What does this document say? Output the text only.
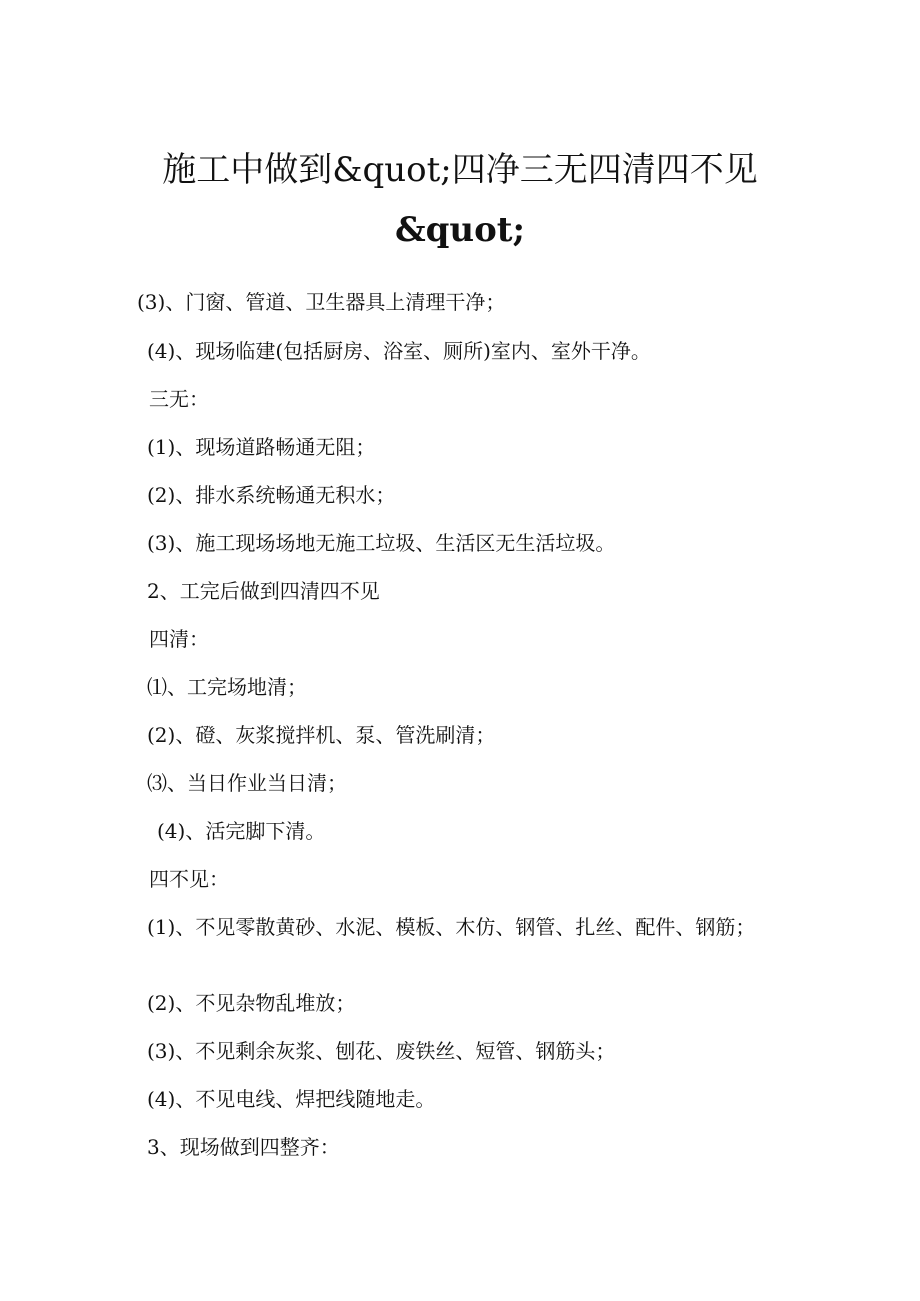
施工中做到&quot;四净三无四清四不见
&quot;

(3)、门窗、管道、卫生器具上清理干净；

(4)、现场临建(包括厨房、浴室、厕所)室内、室外干净。

三无：

(1)、现场道路畅通无阻；

(2)、排水系统畅通无积水；

(3)、施工现场场地无施工垃圾、生活区无生活垃圾。

2、工完后做到四清四不见

四清：

⑴、工完场地清；

(2)、磴、灰浆搅拌机、泵、管洗刷清；

⑶、当日作业当日清；

(4)、活完脚下清。

四不见：

(1)、不见零散黄砂、水泥、模板、木仿、钢管、扎丝、配件、钢筋；

(2)、不见杂物乱堆放；

(3)、不见剩余灰浆、刨花、废铁丝、短管、钢筋头；

(4)、不见电线、焊把线随地走。

3、现场做到四整齐：
